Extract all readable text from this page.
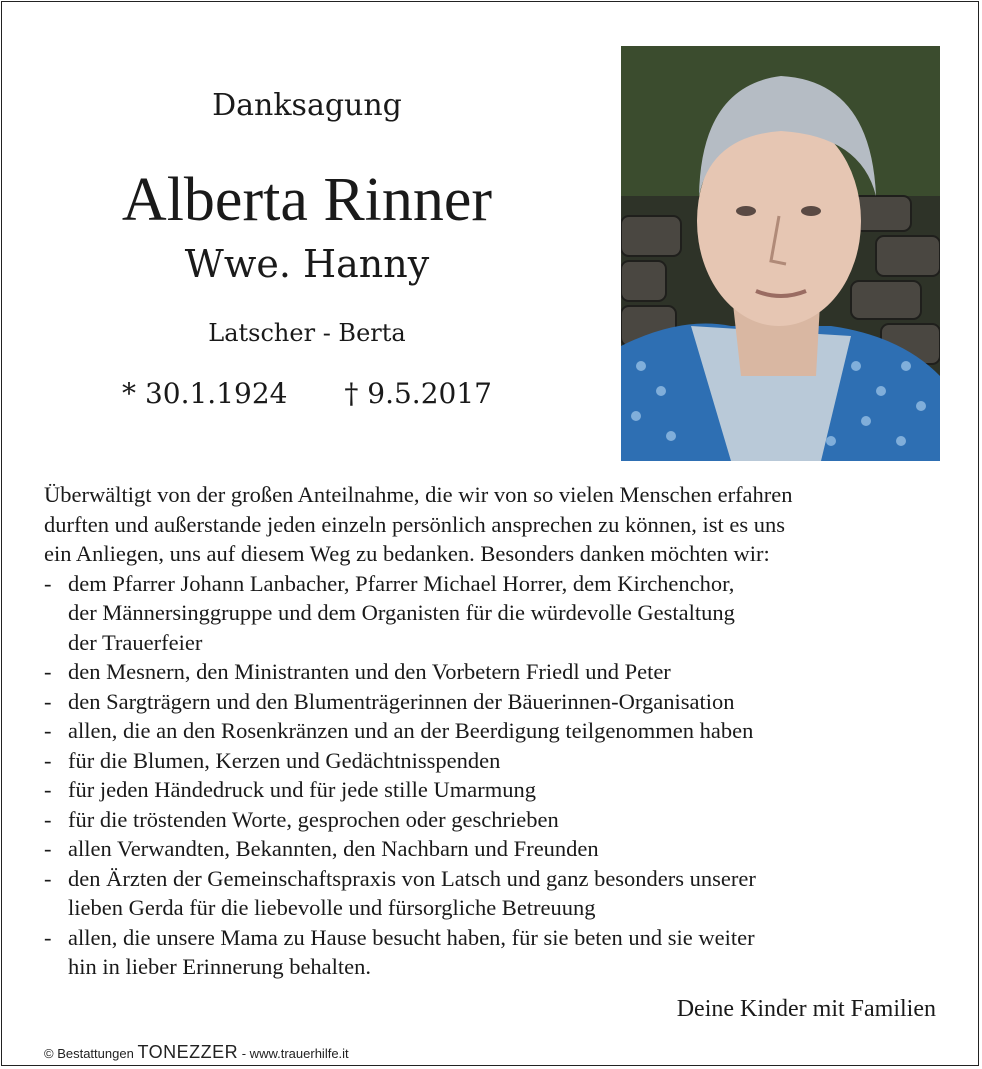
Danksagung
Alberta Rinner
Wwe. Hanny
Latscher - Berta
* 30.1.1924 † 9.5.2017

Überwältigt von der großen Anteilnahme, die wir von so vielen Menschen erfahren

durften und außerstande jeden einzeln persönlich ansprechen zu können, ist es uns

ein Anliegen, uns auf diesem Weg zu bedanken. Besonders danken möchten wir:

- dem Pfarrer Johann Lanbacher, Pfarrer Michael Horrer, dem Kirchenchor,
der Männersinggruppe und dem Organisten für die würdevolle Gestaltung
der Trauerfeier
- den Mesnern, den Ministranten und den Vorbetern Friedl und Peter
- den Sargträgern und den Blumenträgerinnen der Bäuerinnen-Organisation
- allen, die an den Rosenkränzen und an der Beerdigung teilgenommen haben
- für die Blumen, Kerzen und Gedächtnisspenden
- für jeden Händedruck und für jede stille Umarmung
- für die tröstenden Worte, gesprochen oder geschrieben
- allen Verwandten, Bekannten, den Nachbarn und Freunden
- den Ärzten der Gemeinschaftspraxis von Latsch und ganz besonders unserer
lieben Gerda für die liebevolle und fürsorgliche Betreuung
- allen, die unsere Mama zu Hause besucht haben, für sie beten und sie weiter
hin in lieber Erinnerung behalten.
Deine Kinder mit Familien
© Bestattungen TONEZZER - www.trauerhilfe.it
